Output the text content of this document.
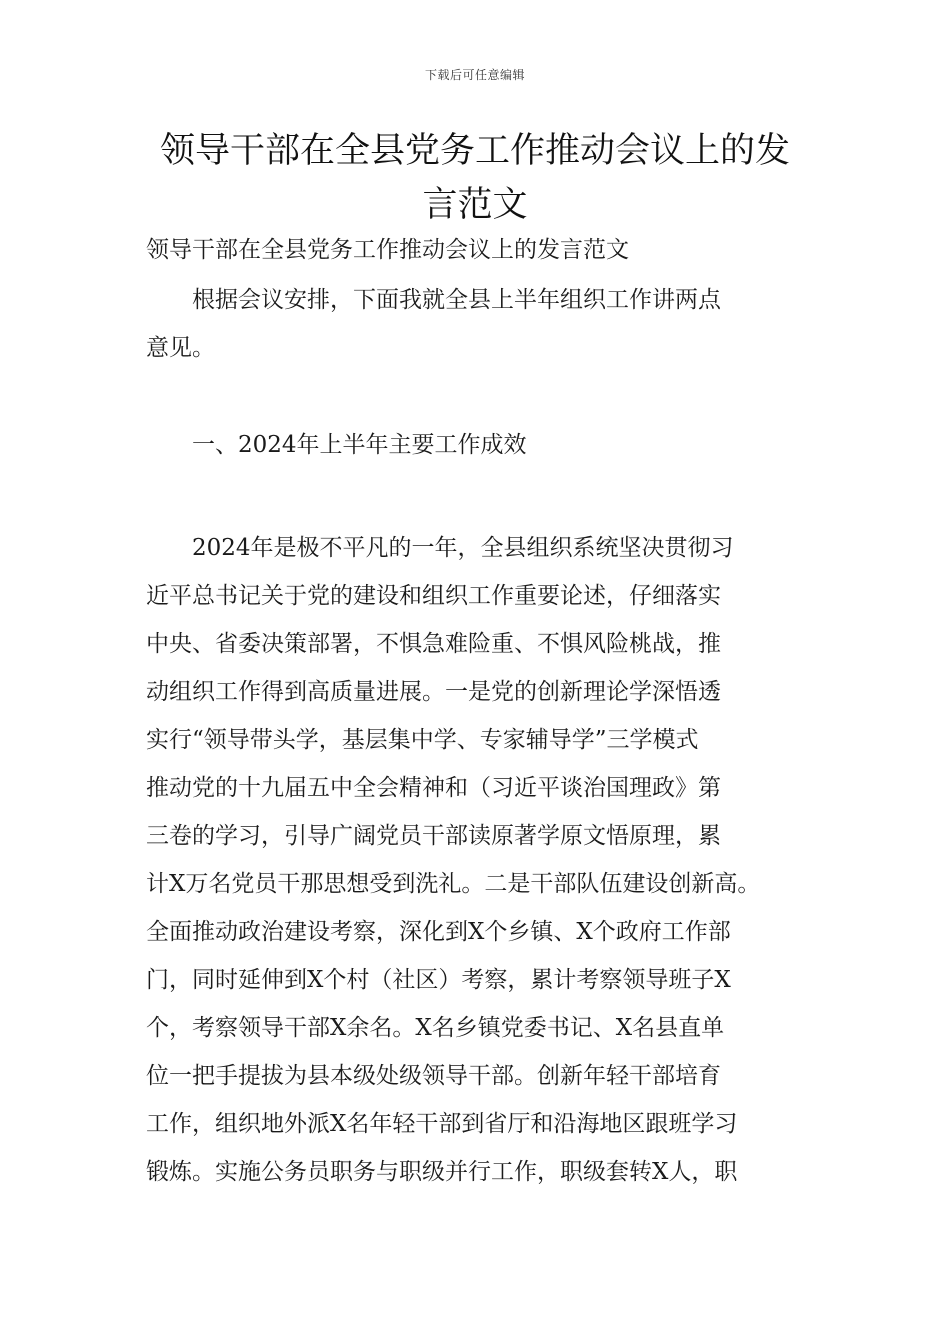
下载后可任意编辑
领导干部在全县党务工作推动会议上的发
言范文

领导干部在全县党务工作推动会议上的发言范文

　　根据会议安排，下面我就全县上半年组织工作讲两点
意见。

　　一、2024年上半年主要工作成效

　　2024年是极不平凡的一年，全县组织系统坚决贯彻习
近平总书记关于党的建设和组织工作重要论述，仔细落实
中央、省委决策部署，不惧急难险重、不惧风险桃战，推
动组织工作得到高质量进展。一是党的创新理论学深悟透
实行“领导带头学，基层集中学、专家辅导学”三学模式
推动党的十九届五中全会精神和（习近平谈治国理政》第
三卷的学习，引导广阔党员干部读原著学原文悟原理，累
计X万名党员干那思想受到洗礼。二是干部队伍建设创新高。
全面推动政治建设考察，深化到X个乡镇、X个政府工作部
门，同时延伸到X个村（社区）考察，累计考察领导班子X
个，考察领导干部X余名。X名乡镇党委书记、X名县直单
位一把手提拔为县本级处级领导干部。创新年轻干部培育
工作，组织地外派X名年轻干部到省厅和沿海地区跟班学习
锻炼。实施公务员职务与职级并行工作，职级套转X人，职
